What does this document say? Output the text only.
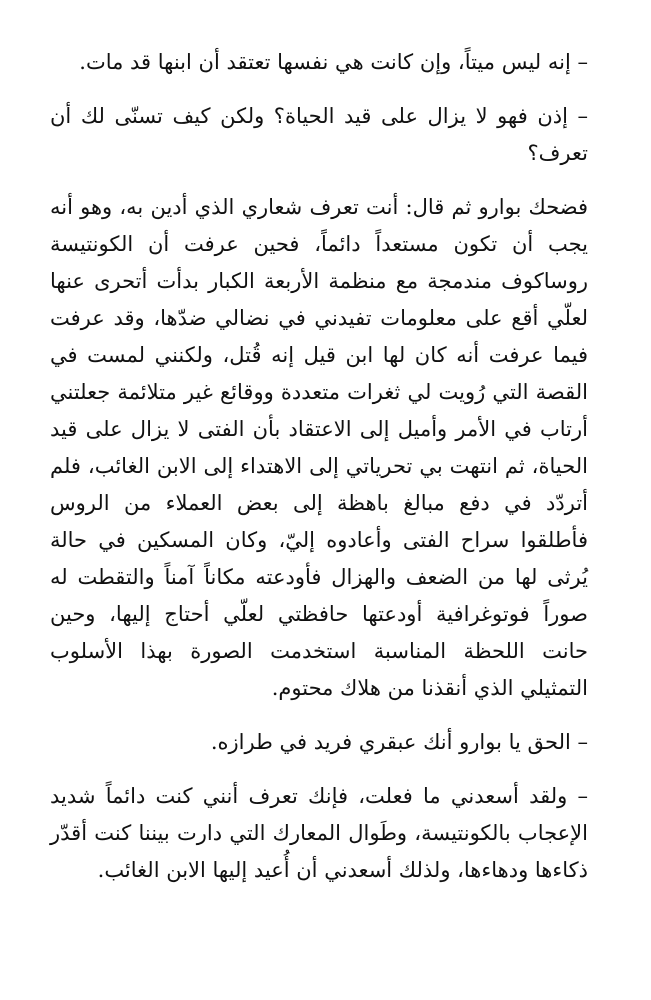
– إنه ليس ميتاً، وإن كانت هي نفسها تعتقد أن ابنها قد مات.

– إذن فهو لا يزال على قيد الحياة؟ ولكن كيف تسنّى لك أن تعرف؟

فضحك بوارو ثم قال: أنت تعرف شعاري الذي أدين به، وهو أنه يجب أن تكون مستعداً دائماً، فحين عرفت أن الكونتيسة روساكوف مندمجة مع منظمة الأربعة الكبار بدأت أتحرى عنها لعلّي أقع على معلومات تفيدني في نضالي ضدّها، وقد عرفت فيما عرفت أنه كان لها ابن قيل إنه قُتل، ولكنني لمست في القصة التي رُويت لي ثغرات متعددة ووقائع غير متلائمة جعلتني أرتاب في الأمر وأميل إلى الاعتقاد بأن الفتى لا يزال على قيد الحياة، ثم انتهت بي تحرياتي إلى الاهتداء إلى الابن الغائب، فلم أتردّد في دفع مبالغ باهظة إلى بعض العملاء من الروس فأطلقوا سراح الفتى وأعادوه إليّ، وكان المسكين في حالة يُرثى لها من الضعف والهزال فأودعته مكاناً آمناً والتقطت له صوراً فوتوغرافية أودعتها حافظتي لعلّي أحتاج إليها، وحين حانت اللحظة المناسبة استخدمت الصورة بهذا الأسلوب التمثيلي الذي أنقذنا من هلاك محتوم.

– الحق يا بوارو أنك عبقري فريد في طرازه.

– ولقد أسعدني ما فعلت، فإنك تعرف أنني كنت دائماً شديد الإعجاب بالكونتيسة، وطَوال المعارك التي دارت بيننا كنت أقدّر ذكاءها ودهاءها، ولذلك أسعدني أن أُعيد إليها الابن الغائب.
